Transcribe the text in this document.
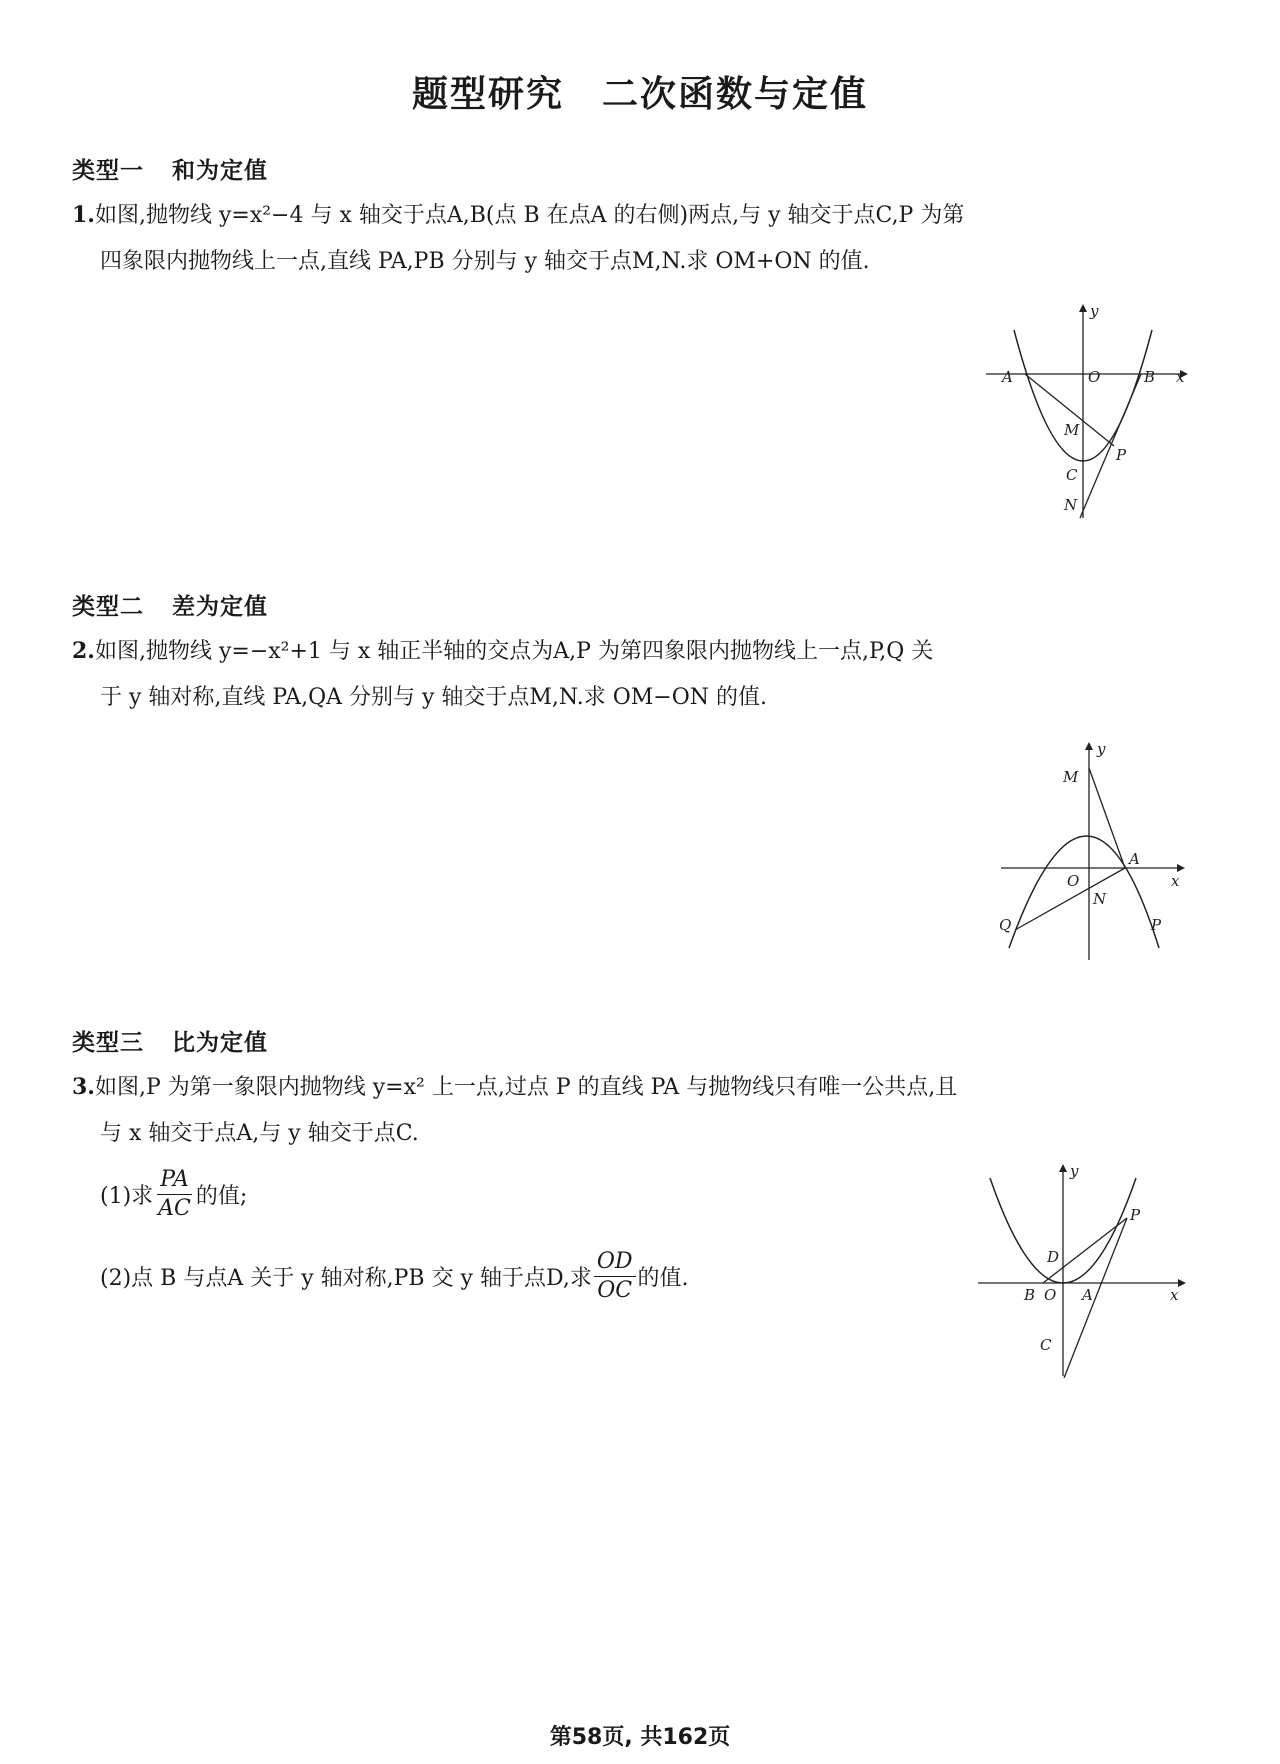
题型研究　二次函数与定值
类型一 和为定值
1.如图,抛物线 y=x²−4 与 x 轴交于点A,B(点 B 在点A 的右侧)两点,与 y 轴交于点C,P 为第
四象限内抛物线上一点,直线 PA,PB 分别与 y 轴交于点M,N.求 OM+ON 的值.
A	O	B x
y
M
P
C
N
类型二 差为定值
2.如图,抛物线 y=−x²+1 与 x 轴正半轴的交点为A,P 为第四象限内抛物线上一点,P,Q 关
于 y 轴对称,直线 PA,QA 分别与 y 轴交于点M,N.求 OM−ON 的值.
y
M
O
A
x
N
Q	P
类型三 比为定值
3.如图,P 为第一象限内抛物线 y=x² 上一点,过点 P 的直线 PA 与抛物线只有唯一公共点,且
与 x 轴交于点A,与 y 轴交于点C.
(1)求 $\frac{PA}{AC}$ 的值;
(2)点 B 与点A 关于 y 轴对称,PB 交 y 轴于点D,求 $\frac{OD}{OC}$ 的值.
y
P
D
B O A	x
C
第58页, 共162页
